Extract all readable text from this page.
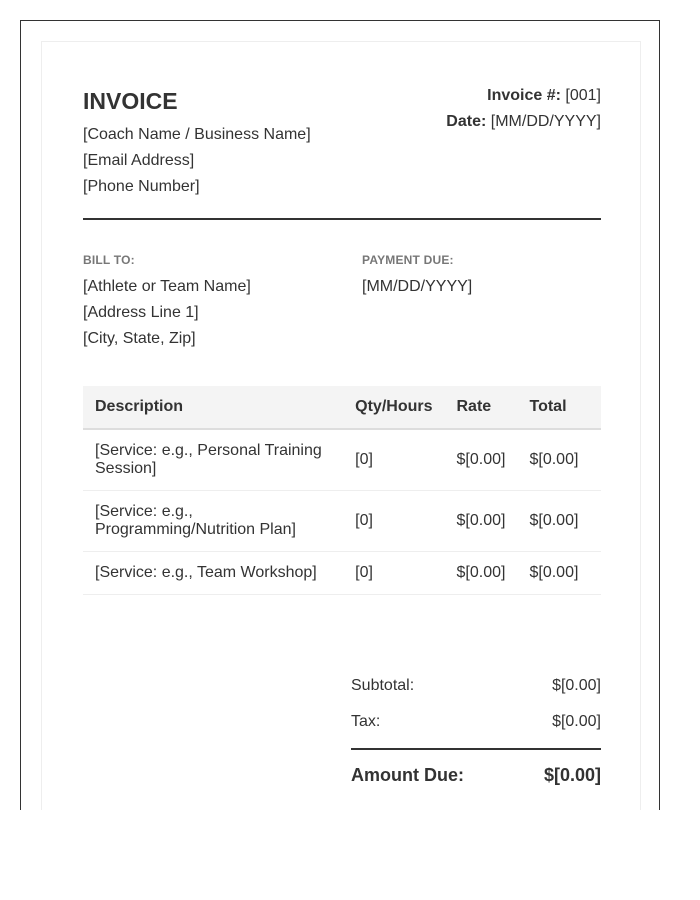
INVOICE
[Coach Name / Business Name]
[Email Address]
[Phone Number]
Invoice #: [001]
Date: [MM/DD/YYYY]
BILL TO:
[Athlete or Team Name]
[Address Line 1]
[City, State, Zip]
PAYMENT DUE:
[MM/DD/YYYY]
Description	Qty/Hours	Rate	Total
[Service: e.g., Personal Training Session]	[0]	$[0.00]	$[0.00]
[Service: e.g., Programming/Nutrition Plan]	[0]	$[0.00]	$[0.00]
[Service: e.g., Team Workshop]	[0]	$[0.00]	$[0.00]
Subtotal:	$[0.00]
Tax:	$[0.00]
Amount Due:	$[0.00]
